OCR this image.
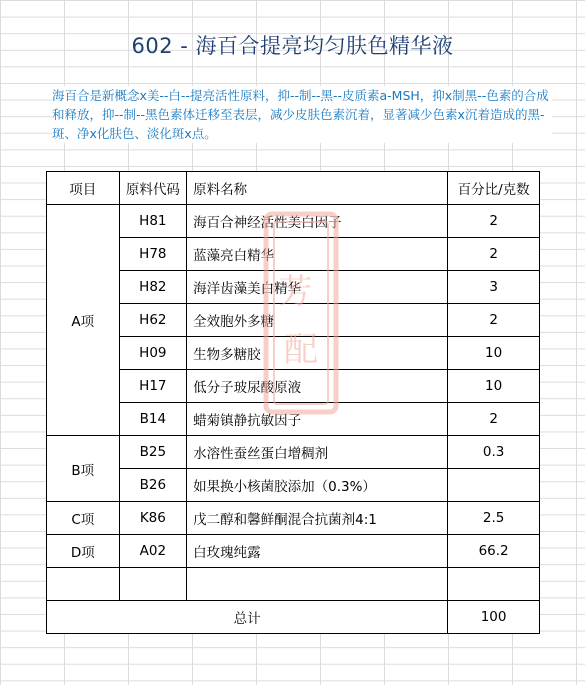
602 - 海百合提亮均匀肤色精华液
海百合是新概念x美--白--提亮活性原料，抑--制--黑--皮质素a-MSH，抑x制黑--色素的合成和释放，抑--制--黑色素体迁移至表层，减少皮肤色素沉着，显著减少色素x沉着造成的黑-斑、净x化肤色、淡化斑x点。
项目	原料代码	原料名称	百分比/克数
A项	H81	海百合神经活性美白因子	2
	H78	蓝藻亮白精华	2
	H82	海洋齿藻美白精华	3
	H62	全效胞外多糖	2
	H09	生物多糖胶	10
	H17	低分子玻尿酸原液	10
	B14	蜡菊镇静抗敏因子	2
B项	B25	水溶性蚕丝蛋白增稠剂	0.3
	B26	如果换小核菌胶添加（0.3%）	
C项	K86	戊二醇和馨鲜酮混合抗菌剂4:1	2.5
D项	A02	白玫瑰纯露	66.2

总计			100
芳 配
